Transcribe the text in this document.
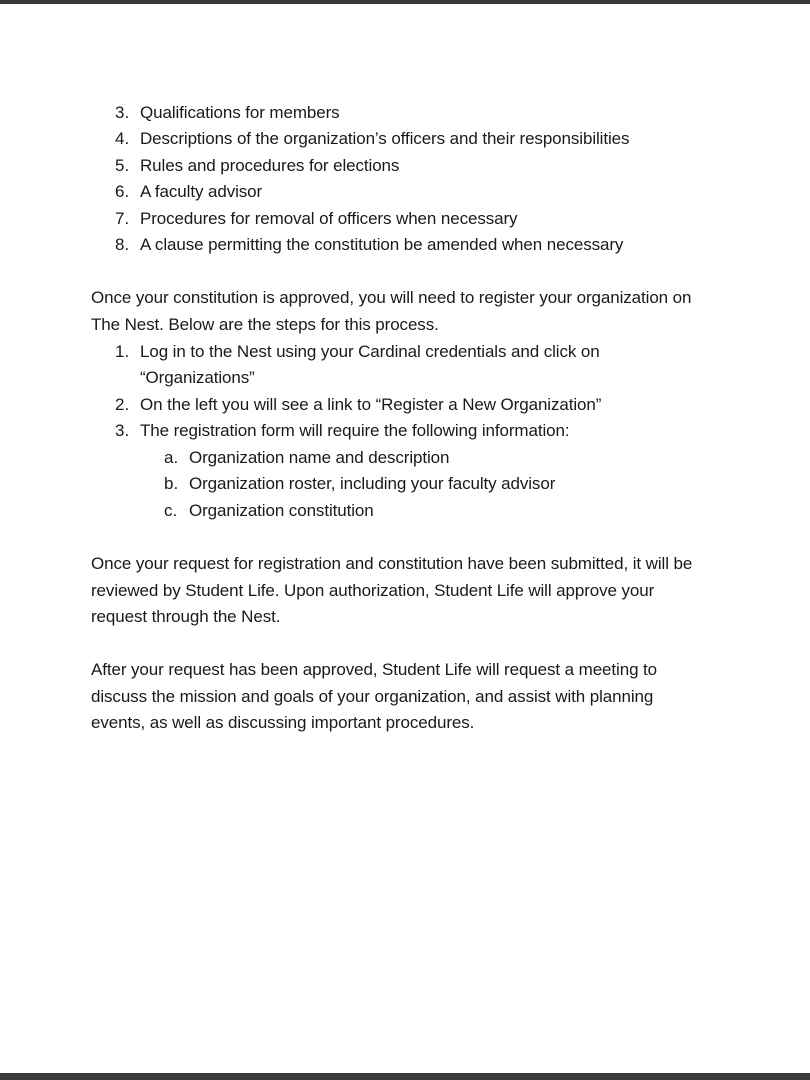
3. Qualifications for members
4. Descriptions of the organization’s officers and their responsibilities
5. Rules and procedures for elections
6. A faculty advisor
7. Procedures for removal of officers when necessary
8. A clause permitting the constitution be amended when necessary
Once your constitution is approved, you will need to register your organization on
The Nest. Below are the steps for this process.
1. Log in to the Nest using your Cardinal credentials and click on
“Organizations”
2. On the left you will see a link to “Register a New Organization”
3. The registration form will require the following information:
a. Organization name and description
b. Organization roster, including your faculty advisor
c. Organization constitution
Once your request for registration and constitution have been submitted, it will be
reviewed by Student Life. Upon authorization, Student Life will approve your
request through the Nest.
After your request has been approved, Student Life will request a meeting to
discuss the mission and goals of your organization, and assist with planning
events, as well as discussing important procedures.
